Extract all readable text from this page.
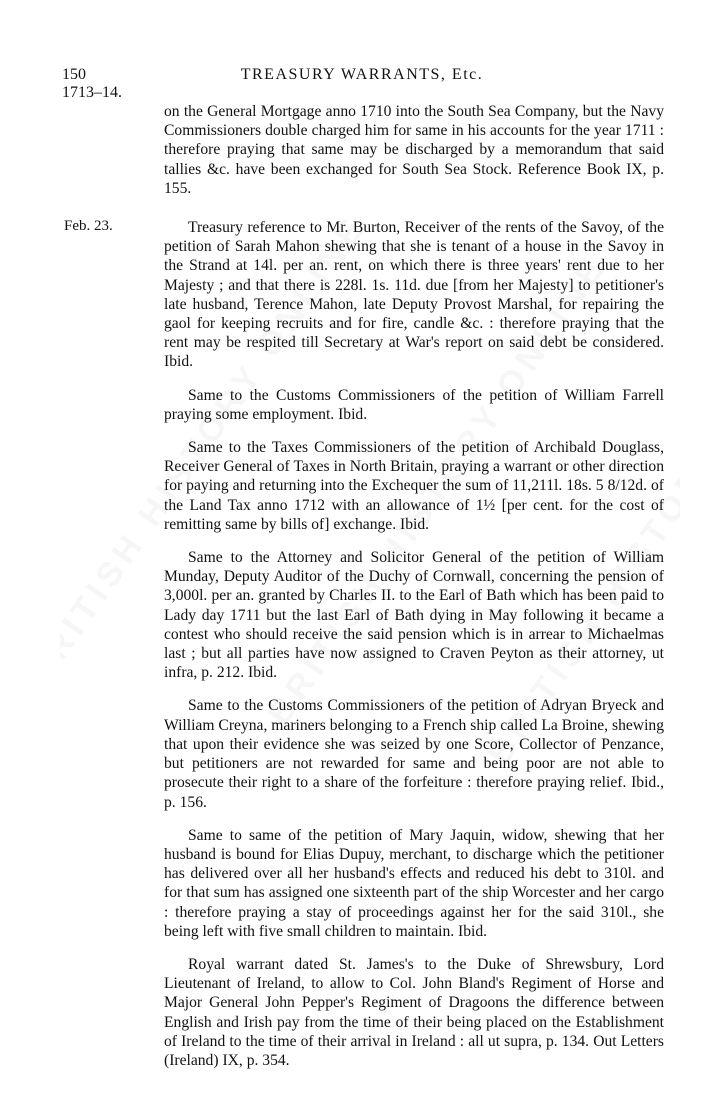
150
1713–14.
TREASURY WARRANTS, Etc.

on the General Mortgage anno 1710 into the South Sea Company, but the Navy Commissioners double charged him for same in his accounts for the year 1711 : therefore praying that same may be discharged by a memorandum that said tallies &c. have been exchanged for South Sea Stock. Reference Book IX, p. 155.

Feb. 23.	Treasury reference to Mr. Burton, Receiver of the rents of the Savoy, of the petition of Sarah Mahon shewing that she is tenant of a house in the Savoy in the Strand at 14l. per an. rent, on which there is three years' rent due to her Majesty ; and that there is 228l. 1s. 11d. due [from her Majesty] to petitioner's late husband, Terence Mahon, late Deputy Provost Marshal, for repairing the gaol for keeping recruits and for fire, candle &c. : therefore praying that the rent may be respited till Secretary at War's report on said debt be considered. Ibid.

Same to the Customs Commissioners of the petition of William Farrell praying some employment. Ibid.

Same to the Taxes Commissioners of the petition of Archibald Douglass, Receiver General of Taxes in North Britain, praying a warrant or other direction for paying and returning into the Exchequer the sum of 11,211l. 18s. 5 8/12d. of the Land Tax anno 1712 with an allowance of 1½ [per cent. for the cost of remitting same by bills of] exchange. Ibid.

Same to the Attorney and Solicitor General of the petition of William Munday, Deputy Auditor of the Duchy of Cornwall, concerning the pension of 3,000l. per an. granted by Charles II. to the Earl of Bath which has been paid to Lady day 1711 but the last Earl of Bath dying in May following it became a contest who should receive the said pension which is in arrear to Michaelmas last ; but all parties have now assigned to Craven Peyton as their attorney, ut infra, p. 212. Ibid.

Same to the Customs Commissioners of the petition of Adryan Bryeck and William Creyna, mariners belonging to a French ship called La Broine, shewing that upon their evidence she was seized by one Score, Collector of Penzance, but petitioners are not rewarded for same and being poor are not able to prosecute their right to a share of the forfeiture : therefore praying relief. Ibid., p. 156.

Same to same of the petition of Mary Jaquin, widow, shewing that her husband is bound for Elias Dupuy, merchant, to discharge which the petitioner has delivered over all her husband's effects and reduced his debt to 310l. and for that sum has assigned one sixteenth part of the ship Worcester and her cargo : therefore praying a stay of proceedings against her for the said 310l., she being left with five small children to maintain. Ibid.

Royal warrant dated St. James's to the Duke of Shrewsbury, Lord Lieutenant of Ireland, to allow to Col. John Bland's Regiment of Horse and Major General John Pepper's Regiment of Dragoons the difference between English and Irish pay from the time of their being placed on the Establishment of Ireland to the time of their arrival in Ireland : all ut supra, p. 134. Out Letters (Ireland) IX, p. 354.
